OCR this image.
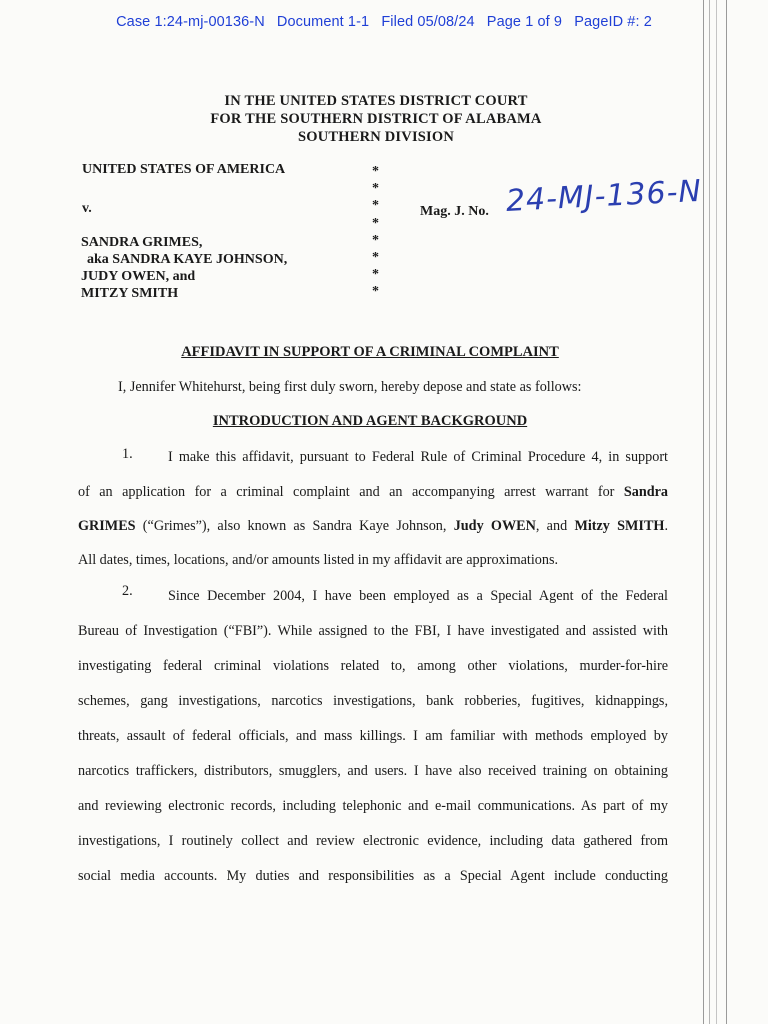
Case 1:24-mj-00136-N Document 1-1 Filed 05/08/24 Page 1 of 9 PageID #: 2
IN THE UNITED STATES DISTRICT COURT
FOR THE SOUTHERN DISTRICT OF ALABAMA
SOUTHERN DIVISION
UNITED STATES OF AMERICA
v.
SANDRA GRIMES,
aka SANDRA KAYE JOHNSON,
JUDY OWEN, and
MITZY SMITH
*
*
*
*
*
*
*
*
Mag. J. No. 24-MJ-136-N
AFFIDAVIT IN SUPPORT OF A CRIMINAL COMPLAINT
I, Jennifer Whitehurst, being first duly sworn, hereby depose and state as follows:
INTRODUCTION AND AGENT BACKGROUND
1.	I make this affidavit, pursuant to Federal Rule of Criminal Procedure 4, in support
of an application for a criminal complaint and an accompanying arrest warrant for Sandra
GRIMES (“Grimes”), also known as Sandra Kaye Johnson, Judy OWEN, and Mitzy SMITH.
All dates, times, locations, and/or amounts listed in my affidavit are approximations.
2.	Since December 2004, I have been employed as a Special Agent of the Federal
Bureau of Investigation (“FBI”). While assigned to the FBI, I have investigated and assisted with
investigating federal criminal violations related to, among other violations, murder-for-hire
schemes, gang investigations, narcotics investigations, bank robberies, fugitives, kidnappings,
threats, assault of federal officials, and mass killings. I am familiar with methods employed by
narcotics traffickers, distributors, smugglers, and users. I have also received training on obtaining
and reviewing electronic records, including telephonic and e-mail communications. As part of my
investigations, I routinely collect and review electronic evidence, including data gathered from
social media accounts. My duties and responsibilities as a Special Agent include conducting
